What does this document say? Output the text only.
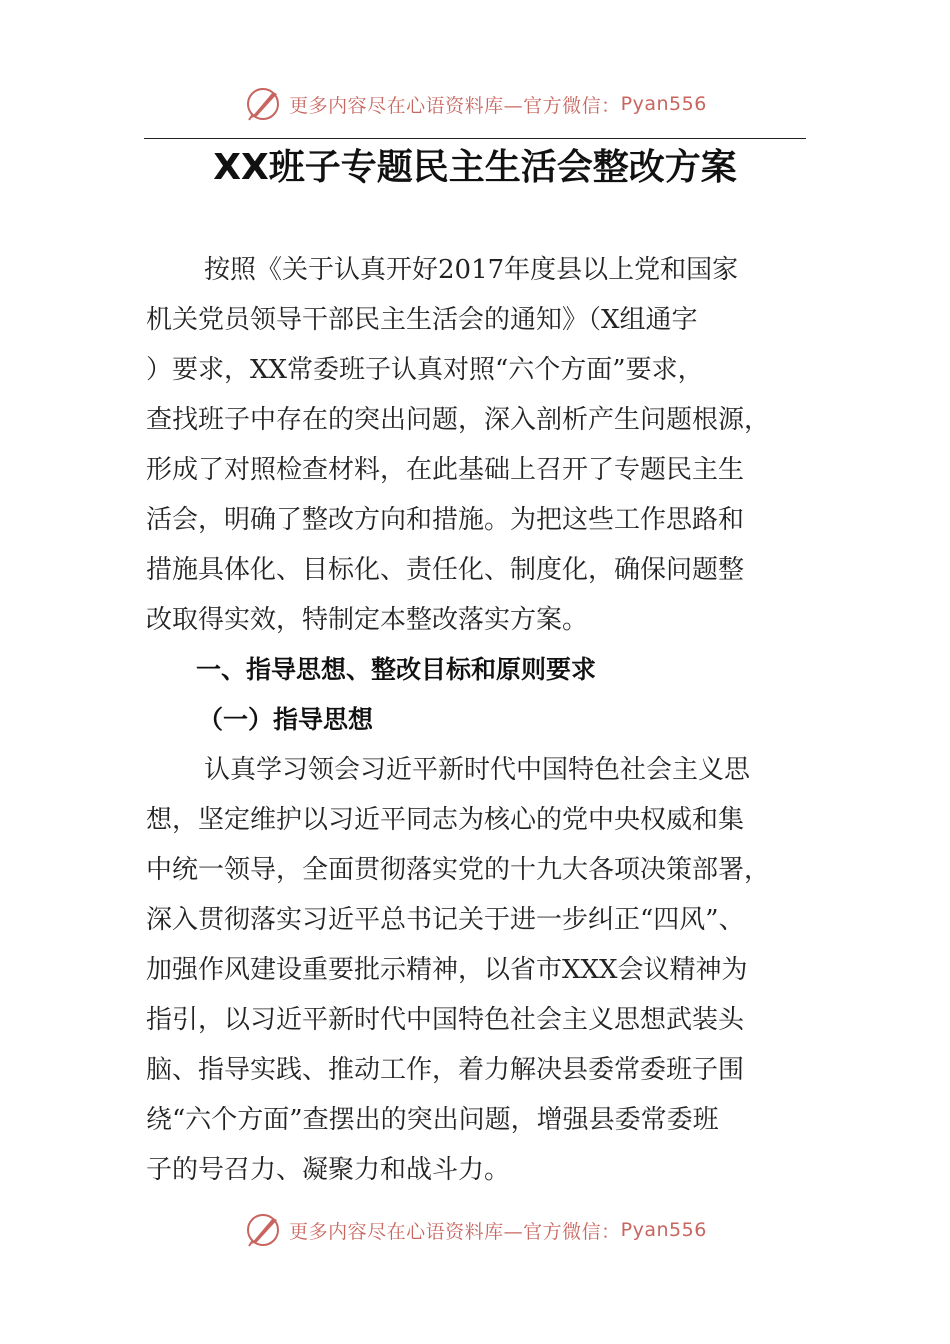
更多内容尽在心语资料库—官方微信： Pyan556
XX班子专题民主生活会整改方案
按照《关于认真开好2017年度县以上党和国家
机关党员领导干部民主生活会的通知》（X组通字
）要求，XX常委班子认真对照“六个方面”要求，
查找班子中存在的突出问题，深入剖析产生问题根源，
形成了对照检查材料，在此基础上召开了专题民主生
活会，明确了整改方向和措施。为把这些工作思路和
措施具体化、目标化、责任化、制度化，确保问题整
改取得实效，特制定本整改落实方案。
一、指导思想、整改目标和原则要求
（一）指导思想
认真学习领会习近平新时代中国特色社会主义思
想，坚定维护以习近平同志为核心的党中央权威和集
中统一领导，全面贯彻落实党的十九大各项决策部署，
深入贯彻落实习近平总书记关于进一步纠正“四风”、
加强作风建设重要批示精神，以省市XXX会议精神为
指引，以习近平新时代中国特色社会主义思想武装头
脑、指导实践、推动工作，着力解决县委常委班子围
绕“六个方面”查摆出的突出问题，增强县委常委班
子的号召力、凝聚力和战斗力。
更多内容尽在心语资料库—官方微信： Pyan556
